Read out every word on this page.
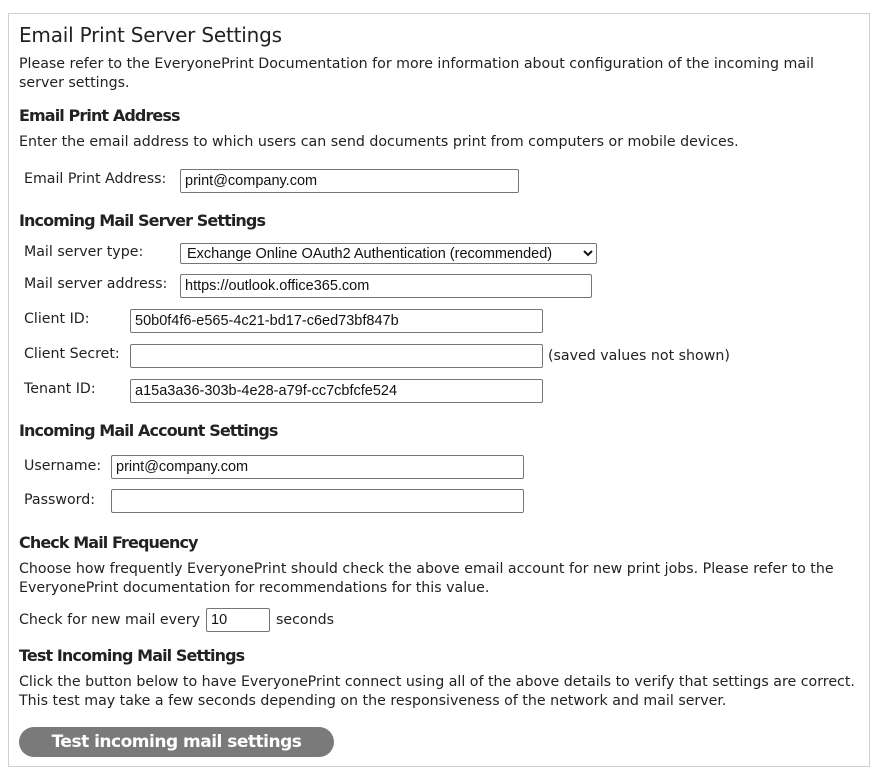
Email Print Server Settings

Please refer to the EveryonePrint Documentation for more information about configuration of the incoming mail server settings.

Email Print Address

Enter the email address to which users can send documents print from computers or mobile devices.

Email Print Address:
print@company.com
Incoming Mail Server Settings
Mail server type:
Exchange Online OAuth2 Authentication (recommended)
Mail server address:
https://outlook.office365.com
Client ID:
50b0f4f6-e565-4c21-bd17-c6ed73bf847b
Client Secret:	(saved values not shown)
Tenant ID:
a15a3a36-303b-4e28-a79f-cc7cbfcfe524
Incoming Mail Account Settings
Username:
print@company.com
Password:
Check Mail Frequency

Choose how frequently EveryonePrint should check the above email account for new print jobs. Please refer to the EveryonePrint documentation for recommendations for this value.

Check for new mail every
10	seconds
Test Incoming Mail Settings

Click the button below to have EveryonePrint connect using all of the above details to verify that settings are correct. This test may take a few seconds depending on the responsiveness of the network and mail server.

Test incoming mail settings
